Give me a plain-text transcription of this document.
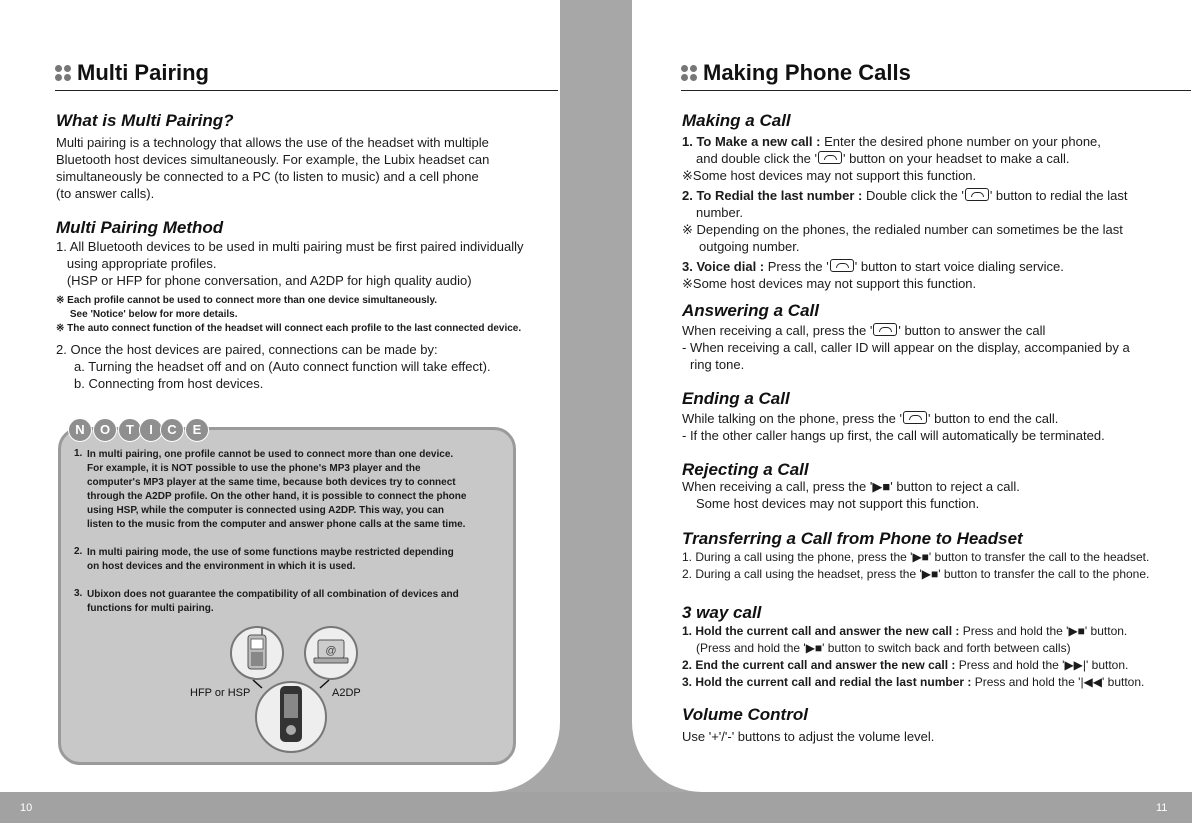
10	11
Multi Pairing
What is Multi Pairing?
Multi pairing is a technology that allows the use of the headset with multiple
Bluetooth host devices simultaneously. For example, the Lubix headset can
simultaneously be connected to a PC (to listen to music) and a cell phone
(to answer calls).
Multi Pairing Method
1. All Bluetooth devices to be used in multi pairing must be first paired individually
using appropriate profiles.
(HSP or HFP for phone conversation, and A2DP for high quality audio)
※ Each profile cannot be used to connect more than one device simultaneously.
See 'Notice' below for more details.
※ The auto connect function of the headset will connect each profile to the last connected device.
2. Once the host devices are paired, connections can be made by:
a. Turning the headset off and on (Auto connect function will take effect).
b. Connecting from host devices.
N	O	T	I	C	E
1. In multi pairing, one profile cannot be used to connect more than one device.
For example, it is NOT possible to use the phone's MP3 player and the
computer's MP3 player at the same time, because both devices try to connect
through the A2DP profile. On the other hand, it is possible to connect the phone
using HSP, while the computer is connected using A2DP. This way, you can
listen to the music from the computer and answer phone calls at the same time.
2. In multi pairing mode, the use of some functions maybe restricted depending
on host devices and the environment in which it is used.
3. Ubixon does not guarantee the compatibility of all combination of devices and
functions for multi pairing.
@
HFP or HSP	A2DP
Making Phone Calls
Making a Call
1. To Make a new call : Enter the desired phone number on your phone,
and double click the ' ' button on your headset to make a call.
※Some host devices may not support this function.
2. To Redial the last number : Double click the ' ' button to redial the last
number.
※ Depending on the phones, the redialed number can sometimes be the last
outgoing number.
3. Voice dial : Press the ' ' button to start voice dialing service.
※Some host devices may not support this function.
Answering a Call
When receiving a call, press the ' ' button to answer the call
- When receiving a call, caller ID will appear on the display, accompanied by a
ring tone.
Ending a Call
While talking on the phone, press the ' ' button to end the call.
- If the other caller hangs up first, the call will automatically be terminated.
Rejecting a Call
When receiving a call, press the '▶■' button to reject a call.
Some host devices may not support this function.
Transferring a Call from Phone to Headset
1. During a call using the phone, press the '▶■' button to transfer the call to the headset.
2. During a call using the headset, press the '▶■' button to transfer the call to the phone.
3 way call
1. Hold the current call and answer the new call : Press and hold the '▶■' button.
(Press and hold the '▶■' button to switch back and forth between calls)
2. End the current call and answer the new call : Press and hold the '▶▶|' button.
3. Hold the current call and redial the last number : Press and hold the '|◀◀' button.
Volume Control
Use '+'/'-' buttons to adjust the volume level.
